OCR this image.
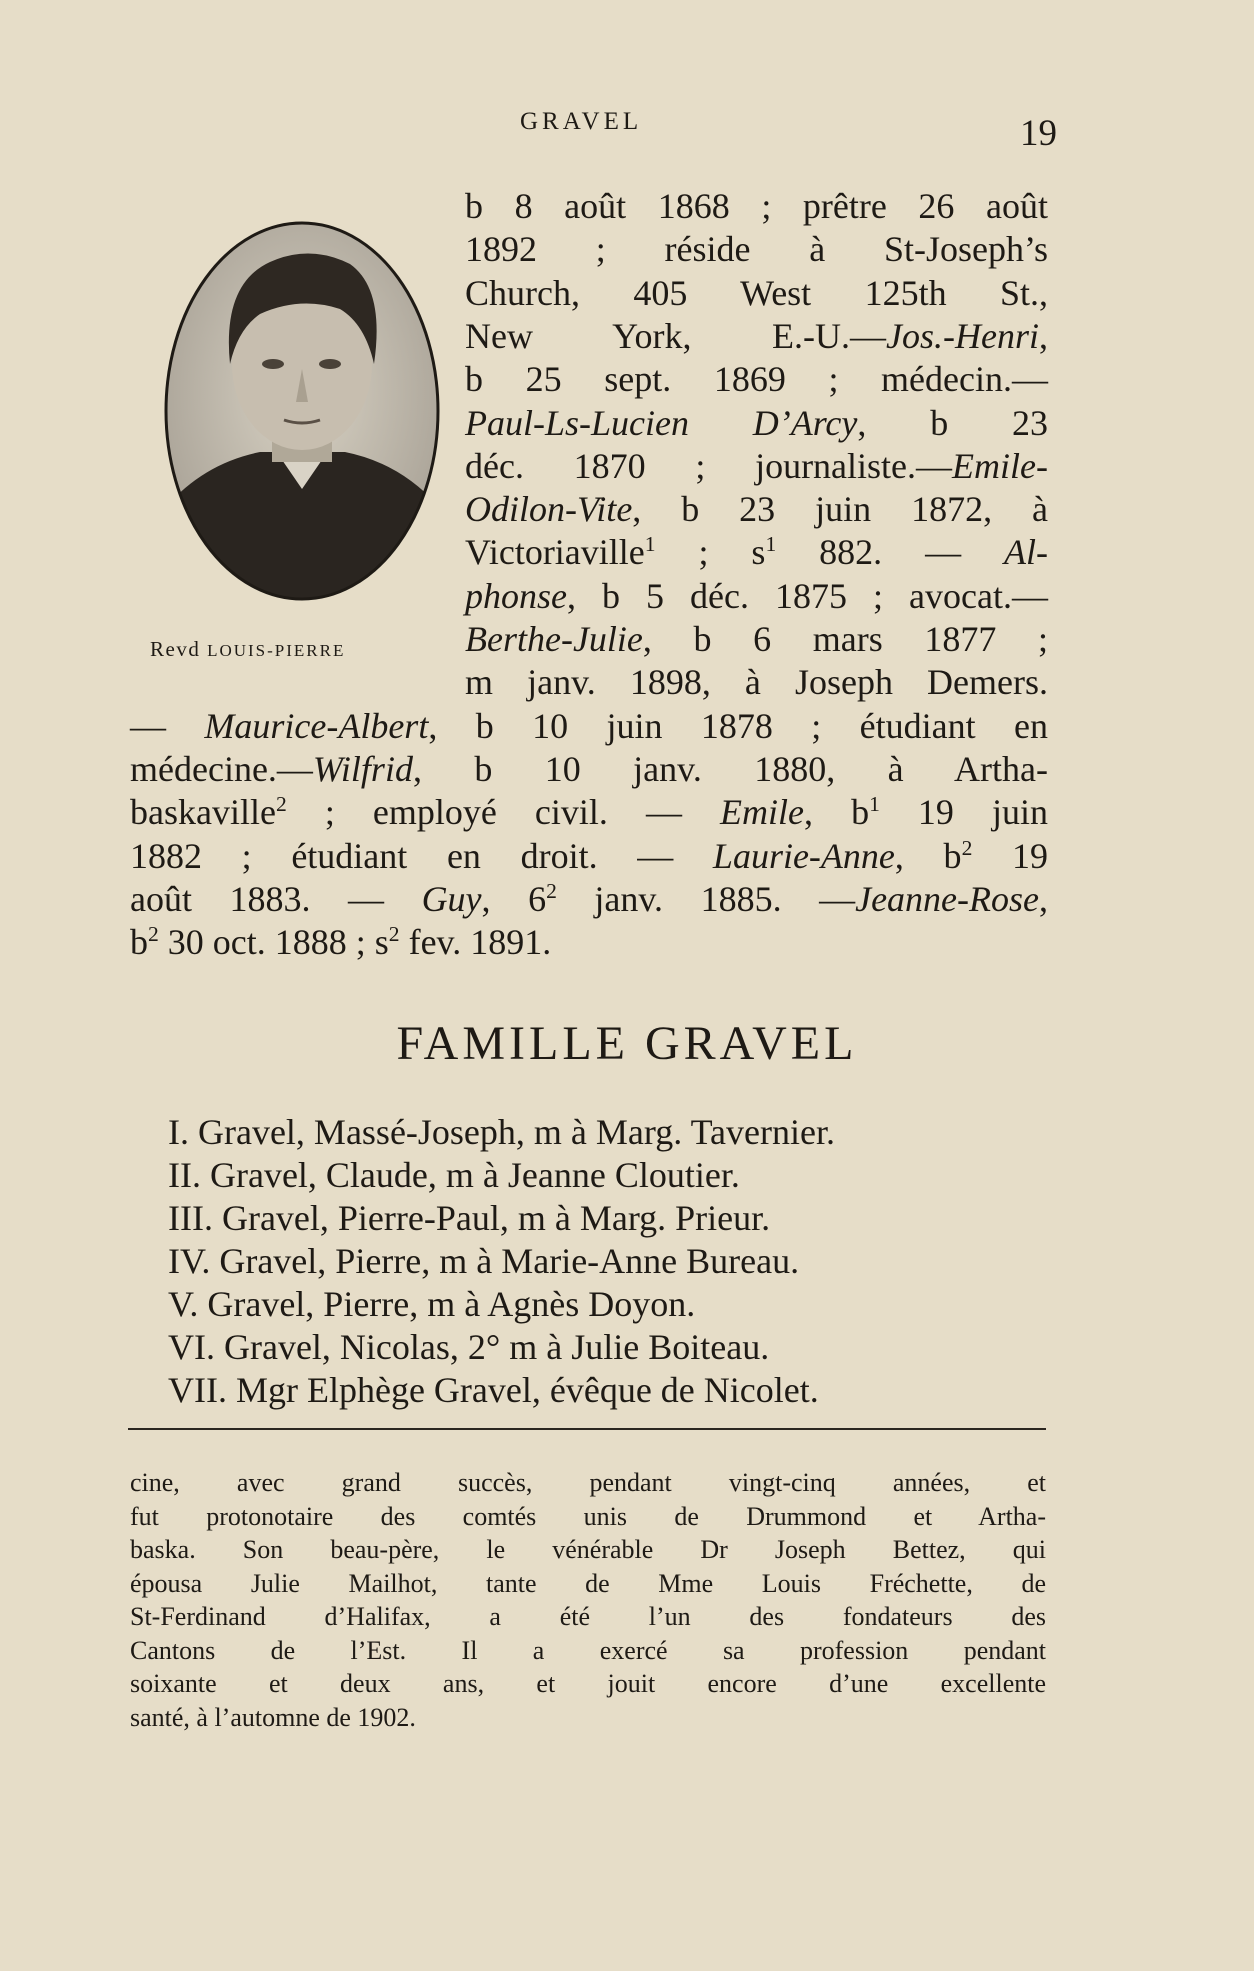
GRAVEL	19
Revd LOUIS-PIERRE
b 8 août 1868 ; prêtre 26 août
1892 ; réside à St-Joseph’s
Church, 405 West 125th St.,
New York, E.-U.—Jos.-Henri,
b 25 sept. 1869 ; médecin.—
Paul-Ls-Lucien D’Arcy, b 23
déc. 1870 ; journaliste.—Emile-
Odilon-Vite, b 23 juin 1872, à
Victoriaville$^1$ ; $s^1$ 882. — Al-
phonse, b 5 déc. 1875 ; avocat.—
Berthe-Julie, b 6 mars 1877 ;
m janv. 1898, à Joseph Demers.
— Maurice-Albert, b 10 juin 1878 ; étudiant en
médecine.—Wilfrid, b 10 janv. 1880, à Artha-
baskaville$^2$ ; employé civil. — Emile, $b^1$ 19 juin
1882 ; étudiant en droit. — Laurie-Anne, $b^2$ 19
août 1883. — Guy, $6^2$ janv. 1885. —Jeanne-Rose,
$b^2$ 30 oct. 1888 ; $s^2$ fev. 1891.
FAMILLE GRAVEL
I. Gravel, Massé-Joseph, m à Marg. Tavernier.
II. Gravel, Claude, m à Jeanne Cloutier.
III. Gravel, Pierre-Paul, m à Marg. Prieur.
IV. Gravel, Pierre, m à Marie-Anne Bureau.
V. Gravel, Pierre, m à Agnès Doyon.
VI. Gravel, Nicolas, 2° m à Julie Boiteau.
VII. Mgr Elphège Gravel, évêque de Nicolet.
cine, avec grand succès, pendant vingt-cinq années, et
fut protonotaire des comtés unis de Drummond et Artha-
baska. Son beau-père, le vénérable Dr Joseph Bettez, qui
épousa Julie Mailhot, tante de Mme Louis Fréchette, de
St-Ferdinand d’Halifax, a été l’un des fondateurs des
Cantons de l’Est. Il a exercé sa profession pendant
soixante et deux ans, et jouit encore d’une excellente
santé, à l’automne de 1902.
